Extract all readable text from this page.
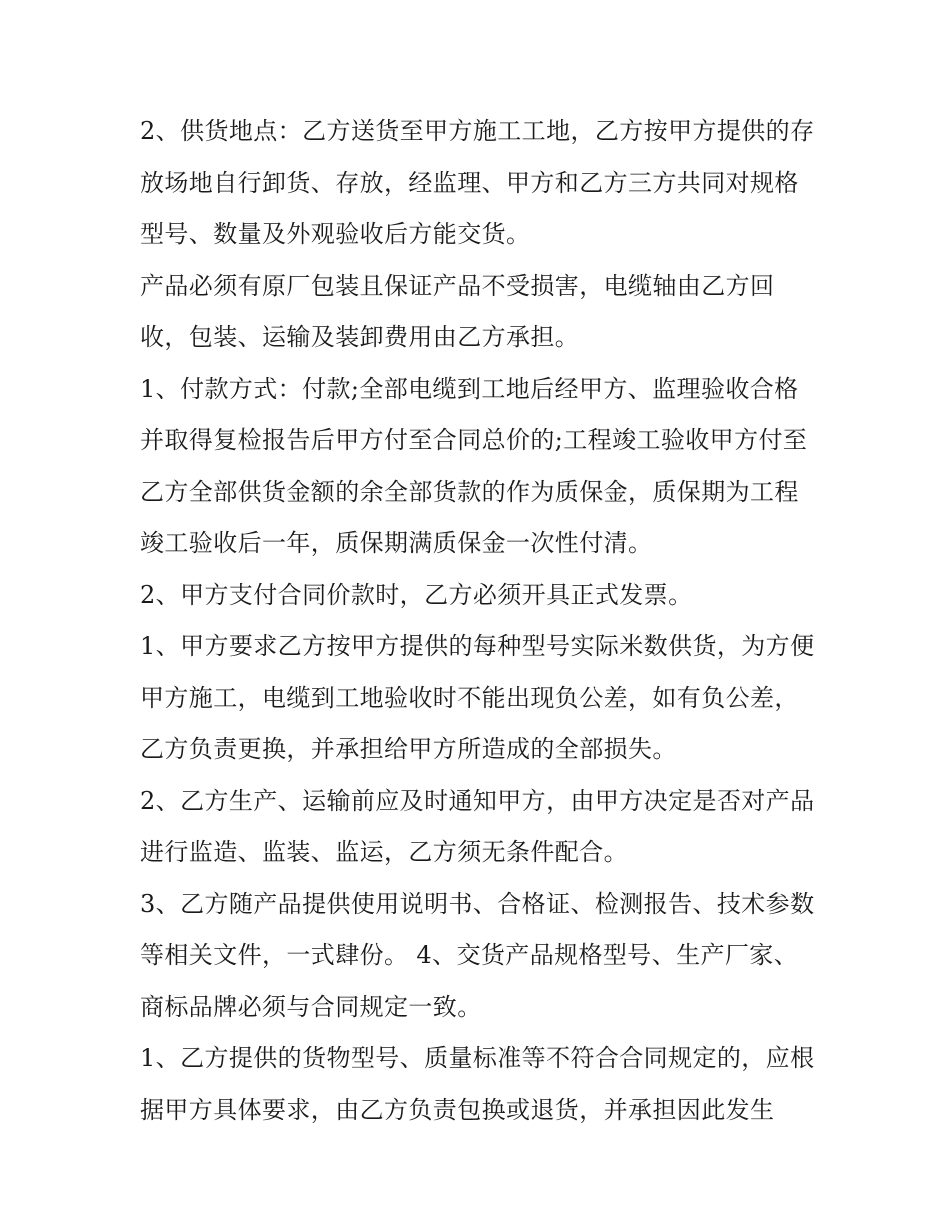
2、供货地点：乙方送货至甲方施工工地，乙方按甲方提供的存放场地自行卸货、存放，经监理、甲方和乙方三方共同对规格型号、数量及外观验收后方能交货。

产品必须有原厂包装且保证产品不受损害，电缆轴由乙方回收，包装、运输及装卸费用由乙方承担。

1、付款方式：付款;全部电缆到工地后经甲方、监理验收合格并取得复检报告后甲方付至合同总价的;工程竣工验收甲方付至乙方全部供货金额的余全部货款的作为质保金，质保期为工程竣工验收后一年，质保期满质保金一次性付清。

2、甲方支付合同价款时，乙方必须开具正式发票。

1、甲方要求乙方按甲方提供的每种型号实际米数供货，为方便甲方施工，电缆到工地验收时不能出现负公差，如有负公差，乙方负责更换，并承担给甲方所造成的全部损失。

2、乙方生产、运输前应及时通知甲方，由甲方决定是否对产品进行监造、监装、监运，乙方须无条件配合。

3、乙方随产品提供使用说明书、合格证、检测报告、技术参数等相关文件，一式肆份。 4、交货产品规格型号、生产厂家、商标品牌必须与合同规定一致。

1、乙方提供的货物型号、质量标准等不符合合同规定的，应根据甲方具体要求，由乙方负责包换或退货，并承担因此发生
